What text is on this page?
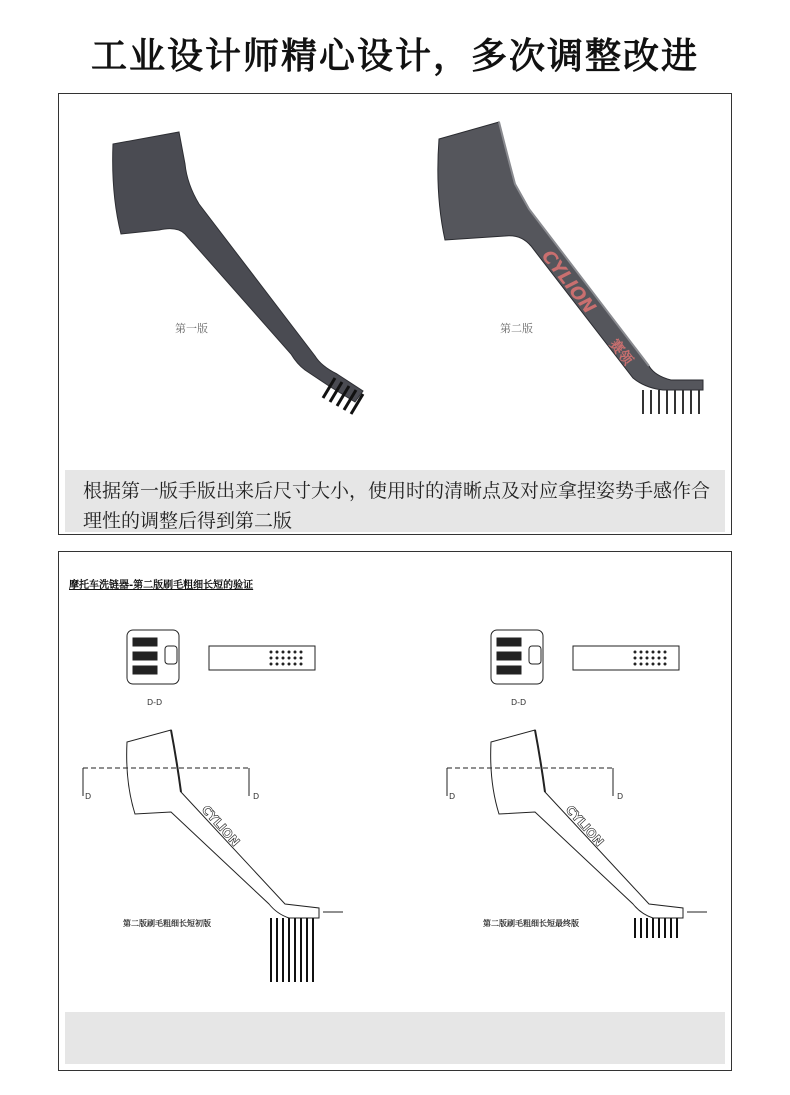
工业设计师精心设计，多次调整改进
CYLION
赛领
第一版	第二版
根据第一版手版出来后尺寸大小，使用时的清晰点及对应拿捏姿势手感作合理性的调整后得到第二版
摩托车洗链器-第二版刷毛粗细长短的验证
CYLION	CYLION
D-D	D-D
D	D	D	D
第二版刷毛粗细长短初版	第二版刷毛粗细长短最终版
